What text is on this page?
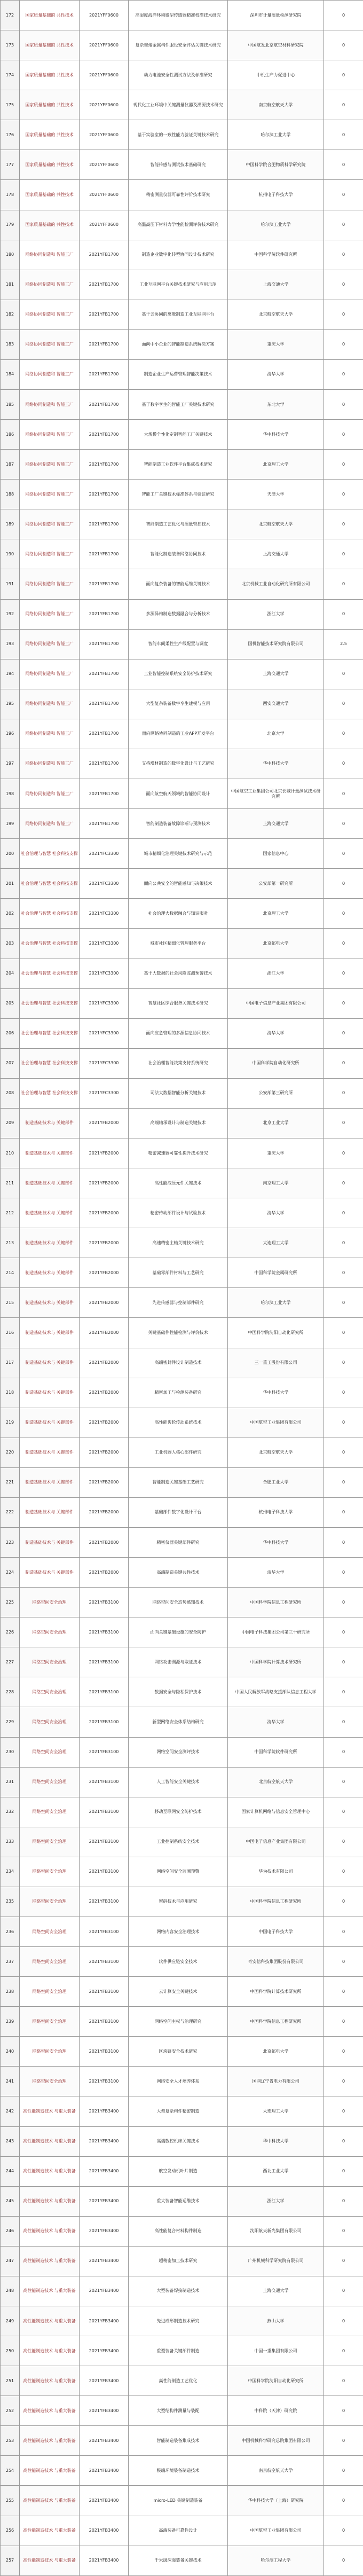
172	国家质量基础的 共性技术	2021YFF0600	高湿度海洋环境微型传感器精准校准技术研究	深圳市计量质量检测研究院	0
173	国家质量基础的 共性技术	2021YFF0600	复杂难熔金属构件服役安全评估关键技术研究	中国航发北京航空材料研究院	0
174	国家质量基础的 共性技术	2021YFF0600	动力电池安全性测试方法及标准研究	中机生产力促进中心	0
175	国家质量基础的 共性技术	2021YFF0600	现代化工业环境中关键测量仪器及溯源技术研究	南京航空航天大学	0
176	国家质量基础的 共性技术	2021YFF0600	基于实验室的一致性能力验证关键技术研究	哈尔滨工业大学	0
177	国家质量基础的 共性技术	2021YFF0600	智能传感与测试技术基础研究	中国科学院合肥物质科学研究院	0
178	国家质量基础的 共性技术	2021YFF0600	精密测量仪器可靠性评价技术研究	杭州电子科技大学	0
179	国家质量基础的 共性技术	2021YFF0600	高温高压下材料力学性能检测评价技术研究	哈尔滨工业大学	0
180	网络协同制造和 智能工厂	2021YFB1700	制造企业数字化转型协同设计技术研究	中国科学院软件研究所	0
181	网络协同制造和 智能工厂	2021YFB1700	工业互联网平台关键技术研究与应用示范	上海交通大学	0
182	网络协同制造和 智能工厂	2021YFB1700	基于云协同的离散制造工业互联网平台	北京航空航天大学	0
183	网络协同制造和 智能工厂	2021YFB1700	面向中小企业的智能制造系统解决方案	重庆大学	0
184	网络协同制造和 智能工厂	2021YFB1700	制造企业生产运营管理智能决策技术	清华大学	0
185	网络协同制造和 智能工厂	2021YFB1700	基于数字孪生的智能工厂关键技术研究	东北大学	0
186	网络协同制造和 智能工厂	2021YFB1700	大规模个性化定制智能工厂关键技术	华中科技大学	0
187	网络协同制造和 智能工厂	2021YFB1700	智能制造工业软件平台集成技术研究	北京理工大学	0
188	网络协同制造和 智能工厂	2021YFB1700	智能工厂关键技术标准体系与验证研究	天津大学	0
189	网络协同制造和 智能工厂	2021YFB1700	智能制造工艺优化与质量管控技术	北京航空航天大学	0
190	网络协同制造和 智能工厂	2021YFB1700	智能化制造装备网络协同技术	上海交通大学	0
191	网络协同制造和 智能工厂	2021YFB1700	面向复杂装备的智能运维关键技术	北京机械工业自动化研究所有限公司	0
192	网络协同制造和 智能工厂	2021YFB1700	多源异构制造数据融合与分析技术	浙江大学	0
193	网络协同制造和 智能工厂	2021YFB1700	智能车间柔性生产线配置与调度	国机智能技术研究院有限公司	2.5
194	网络协同制造和 智能工厂	2021YFB1700	工业智能控制系统安全防护技术研究	上海交通大学	0
195	网络协同制造和 智能工厂	2021YFB1700	大型复杂装备数字孪生建模与应用	西安交通大学	0
196	网络协同制造和 智能工厂	2021YFB1700	面向网络协同制造的工业APP开发平台	北京大学	0
197	网络协同制造和 智能工厂	2021YFB1700	支持增材制造的数字化设计与工艺研究	华中科技大学	0
198	网络协同制造和 智能工厂	2021YFB1700	面向航空航天领域的智能协同设计	中国航空工业集团公司北京长城计量测试技术研究所	0
199	网络协同制造和 智能工厂	2021YFB1700	智能制造装备故障诊断与预测技术	上海交通大学	0
200	社会治理与智慧 社会科技支撑	2021YFC3300	城市精细化治理关键技术研究与示范	国家信息中心	0
201	社会治理与智慧 社会科技支撑	2021YFC3300	面向公共安全的智能感知与决策技术	公安部第一研究所	0
202	社会治理与智慧 社会科技支撑	2021YFC3300	社会治理大数据融合与知识服务	北京理工大学	0
203	社会治理与智慧 社会科技支撑	2021YFC3300	城市社区精细化管理服务平台	北京邮电大学	0
204	社会治理与智慧 社会科技支撑	2021YFC3300	基于大数据的社会风险监测预警技术	浙江大学	0
205	社会治理与智慧 社会科技支撑	2021YFC3300	智慧社区综合服务关键技术研究	中国电子信息产业集团有限公司	0
206	社会治理与智慧 社会科技支撑	2021YFC3300	面向应急管理的多源信息协同技术	清华大学	0
207	社会治理与智慧 社会科技支撑	2021YFC3300	社会治理智能决策支持系统研究	中国科学院自动化研究所	0
208	社会治理与智慧 社会科技支撑	2021YFC3300	司法大数据智能分析关键技术	公安部第三研究所	0
209	制造基础技术与 关键部件	2021YFB2000	高端轴承设计与制造关键技术	北京工业大学	0
210	制造基础技术与 关键部件	2021YFB2000	精密减速器可靠性提升技术研究	重庆大学	0
211	制造基础技术与 关键部件	2021YFB2000	高性能液压元件关键技术	南京理工大学	0
212	制造基础技术与 关键部件	2021YFB2000	精密传动部件设计与试验技术	清华大学	0
213	制造基础技术与 关键部件	2021YFB2000	高速精密主轴关键技术研究	大连理工大学	0
214	制造基础技术与 关键部件	2021YFB2000	基础零部件材料与工艺研究	中国科学院金属研究所	0
215	制造基础技术与 关键部件	2021YFB2000	先进传感器与控制部件研究	哈尔滨工业大学	0
216	制造基础技术与 关键部件	2021YFB2000	关键基础件性能检测与评价技术	中国科学院沈阳自动化研究所	0
217	制造基础技术与 关键部件	2021YFB2000	高端密封件设计制造技术	三一重工股份有限公司	0
218	制造基础技术与 关键部件	2021YFB2000	精密加工与检测装备研究	华中科技大学	0
219	制造基础技术与 关键部件	2021YFB2000	高性能齿轮传动系统技术	中国航空工业集团有限公司	0
220	制造基础技术与 关键部件	2021YFB2000	工业机器人核心部件研究	北京航空航天大学	0
221	制造基础技术与 关键部件	2021YFB2000	智能制造关键基础工艺研究	合肥工业大学	0
222	制造基础技术与 关键部件	2021YFB2000	基础部件数字化设计平台	杭州电子科技大学	0
223	制造基础技术与 关键部件	2021YFB2000	精密仪器关键部件研究	华中科技大学	0
224	制造基础技术与 关键部件	2021YFB2000	高端制造关键共性技术	清华大学	0
225	网络空间安全治理	2021YFB3100	网络空间安全态势感知技术	中国科学院信息工程研究所	0
226	网络空间安全治理	2021YFB3100	面向关键基础设施的安全防护	中国电子科技集团公司第三十研究所	0
227	网络空间安全治理	2021YFB3100	网络攻击溯源与取证技术	中国科学院计算技术研究所	0
228	网络空间安全治理	2021YFB3100	数据安全与隐私保护技术	中国人民解放军战略支援部队信息工程大学	0
229	网络空间安全治理	2021YFB3100	新型网络安全体系结构研究	清华大学	0
230	网络空间安全治理	2021YFB3100	网络空间安全测评技术	中国科学院软件研究所	0
231	网络空间安全治理	2021YFB3100	人工智能安全关键技术	北京航空航天大学	0
232	网络空间安全治理	2021YFB3100	移动互联网安全防护技术	国家计算机网络与信息安全管理中心	0
233	网络空间安全治理	2021YFB3100	工业控制系统安全技术	中国电子信息产业集团有限公司	0
234	网络空间安全治理	2021YFB3100	网络空间安全监测预警	华为技术有限公司	0
235	网络空间安全治理	2021YFB3100	密码技术与应用研究	中国科学院信息工程研究所	0
236	网络空间安全治理	2021YFB3100	网络内容安全治理技术	中国电子科技大学	0
237	网络空间安全治理	2021YFB3100	软件供应链安全技术	奇安信科技集团股份有限公司	0
238	网络空间安全治理	2021YFB3100	云计算安全关键技术	中国科学院计算技术研究所	0
239	网络空间安全治理	2021YFB3100	网络空间主权与治理研究	中国科学院信息工程研究所	0
240	网络空间安全治理	2021YFB3100	区块链安全技术研究	北京邮电大学	0
241	网络空间安全治理	2021YFB3100	网络安全人才培养体系	国网辽宁省电力有限公司	0
242	高性能制造技术 与重大装备	2021YFB3400	大型复杂构件精密制造	大连理工大学	0
243	高性能制造技术 与重大装备	2021YFB3400	高端数控机床关键技术	华中科技大学	0
244	高性能制造技术 与重大装备	2021YFB3400	航空发动机叶片制造	西北工业大学	0
245	高性能制造技术 与重大装备	2021YFB3400	重大装备智能运维技术	浙江大学	0
246	高性能制造技术 与重大装备	2021YFB3400	高性能复合材料构件制造	沈阳航天新光集团有限公司	0
247	高性能制造技术 与重大装备	2021YFB3400	超精密加工技术研究	广州机械科学研究院有限公司	0
248	高性能制造技术 与重大装备	2021YFB3400	大型装备焊接制造技术	上海交通大学	0
249	高性能制造技术 与重大装备	2021YFB3400	先进成形制造技术研究	燕山大学	0
250	高性能制造技术 与重大装备	2021YFB3400	重型装备关键部件制造	中国一重集团有限公司	0
251	高性能制造技术 与重大装备	2021YFB3400	高性能制造工艺优化	中国科学院沈阳自动化研究所	0
252	高性能制造技术 与重大装备	2021YFB3400	大型结构件测量与装配	中科院（天津）研究院	0
253	高性能制造技术 与重大装备	2021YFB3400	智能制造装备集成技术	中国机械科学研究总院集团有限公司	0
254	高性能制造技术 与重大装备	2021YFB3400	极端环境装备制造技术	南京航空航天大学	0
255	高性能制造技术 与重大装备	2021YFB3400	micro-LED 关键制造装备	华中科技大学（上海）研究院	0
256	高性能制造技术 与重大装备	2021YFB3400	高端装备可靠性设计	中国航空工业集团有限公司	0
257	高性能制造技术 与重大装备	2021YFB3400	千米级深海装备关键技术	哈尔滨工程大学	0
